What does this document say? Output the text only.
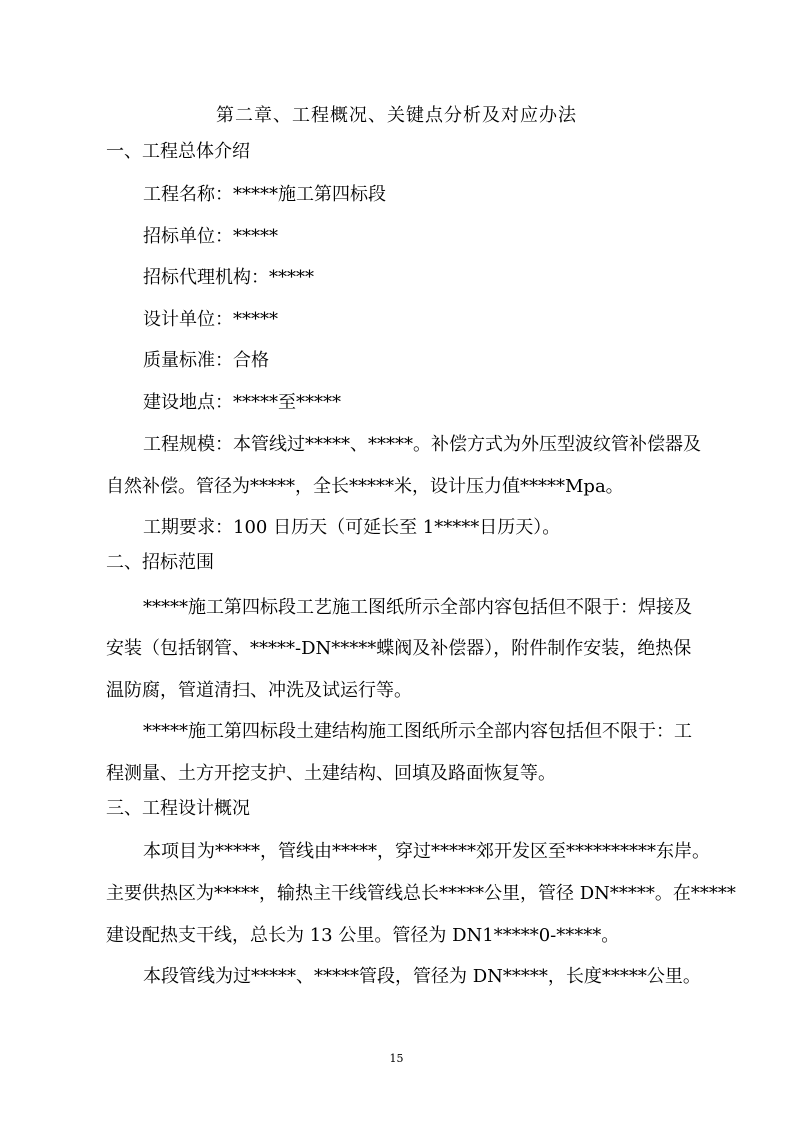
第二章、工程概况、关键点分析及对应办法
一、工程总体介绍
工程名称：*****施工第四标段
招标单位：*****
招标代理机构：*****
设计单位：*****
质量标准：合格
建设地点：*****至*****
工程规模：本管线过*****、*****。补偿方式为外压型波纹管补偿器及
自然补偿。管径为*****，全长*****米，设计压力值*****Mpa。
工期要求：100 日历天（可延长至 1*****日历天）。
二、招标范围
*****施工第四标段工艺施工图纸所示全部内容包括但不限于：焊接及
安装（包括钢管、*****-DN*****蝶阀及补偿器），附件制作安装，绝热保
温防腐，管道清扫、冲洗及试运行等。
*****施工第四标段土建结构施工图纸所示全部内容包括但不限于：工
程测量、土方开挖支护、土建结构、回填及路面恢复等。
三、工程设计概况
本项目为*****，管线由*****，穿过*****郊开发区至**********东岸。
主要供热区为*****，输热主干线管线总长*****公里，管径 DN*****。在*****
建设配热支干线，总长为 13 公里。管径为 DN1*****0-*****。
本段管线为过*****、*****管段，管径为 DN*****，长度*****公里。
15
